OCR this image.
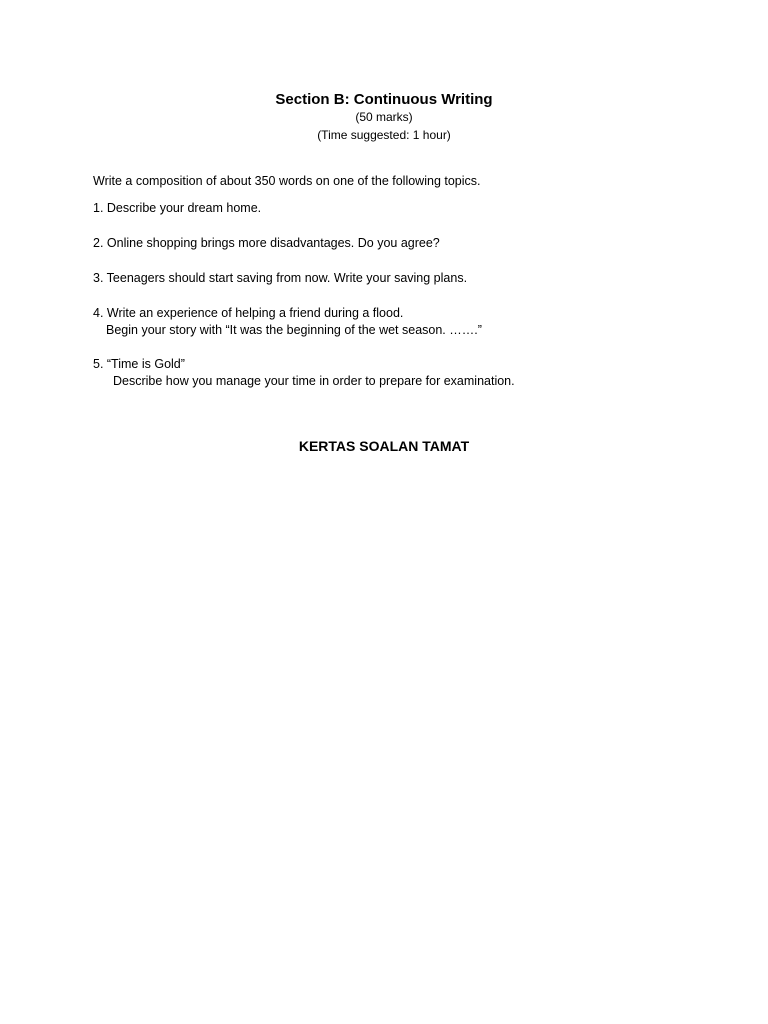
Section B: Continuous Writing
(50 marks)
(Time suggested: 1 hour)
Write a composition of about 350 words on one of the following topics.
1. Describe your dream home.
2. Online shopping brings more disadvantages. Do you agree?
3. Teenagers should start saving from now. Write your saving plans.
4. Write an experience of helping a friend during a flood.
Begin your story with “It was the beginning of the wet season. …….”
5. “Time is Gold”
Describe how you manage your time in order to prepare for examination.
KERTAS SOALAN TAMAT
